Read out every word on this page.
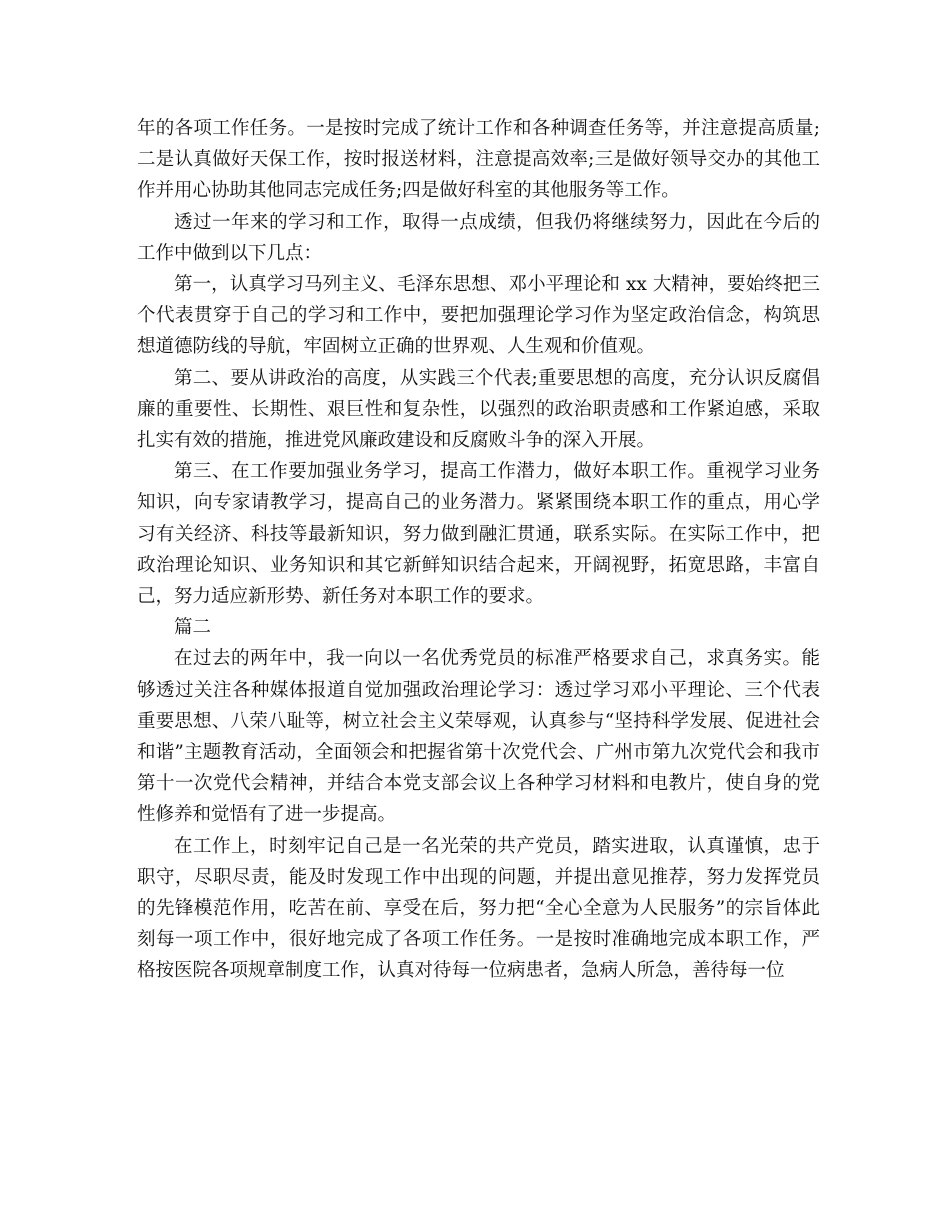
年的各项工作任务。一是按时完成了统计工作和各种调查任务等，并注意提高质量;二是认真做好天保工作，按时报送材料，注意提高效率;三是做好领导交办的其他工作并用心协助其他同志完成任务;四是做好科室的其他服务等工作。

透过一年来的学习和工作，取得一点成绩，但我仍将继续努力，因此在今后的工作中做到以下几点：

第一，认真学习马列主义、毛泽东思想、邓小平理论和 xx 大精神，要始终把三个代表贯穿于自己的学习和工作中，要把加强理论学习作为坚定政治信念，构筑思想道德防线的导航，牢固树立正确的世界观、人生观和价值观。

第二、要从讲政治的高度，从实践三个代表;重要思想的高度，充分认识反腐倡廉的重要性、长期性、艰巨性和复杂性，以强烈的政治职责感和工作紧迫感，采取扎实有效的措施，推进党风廉政建设和反腐败斗争的深入开展。

第三、在工作要加强业务学习，提高工作潜力，做好本职工作。重视学习业务知识，向专家请教学习，提高自己的业务潜力。紧紧围绕本职工作的重点，用心学习有关经济、科技等最新知识，努力做到融汇贯通，联系实际。在实际工作中，把政治理论知识、业务知识和其它新鲜知识结合起来，开阔视野，拓宽思路，丰富自己，努力适应新形势、新任务对本职工作的要求。

篇二

在过去的两年中，我一向以一名优秀党员的标准严格要求自己，求真务实。能够透过关注各种媒体报道自觉加强政治理论学习：透过学习邓小平理论、三个代表重要思想、八荣八耻等，树立社会主义荣辱观，认真参与“坚持科学发展、促进社会和谐”主题教育活动，全面领会和把握省第十次党代会、广州市第九次党代会和我市第十一次党代会精神，并结合本党支部会议上各种学习材料和电教片，使自身的党性修养和觉悟有了进一步提高。

在工作上，时刻牢记自己是一名光荣的共产党员，踏实进取，认真谨慎，忠于职守，尽职尽责，能及时发现工作中出现的问题，并提出意见推荐，努力发挥党员的先锋模范作用，吃苦在前、享受在后，努力把“全心全意为人民服务”的宗旨体此刻每一项工作中，很好地完成了各项工作任务。一是按时准确地完成本职工作，严格按医院各项规章制度工作，认真对待每一位病患者，急病人所急，善待每一位
